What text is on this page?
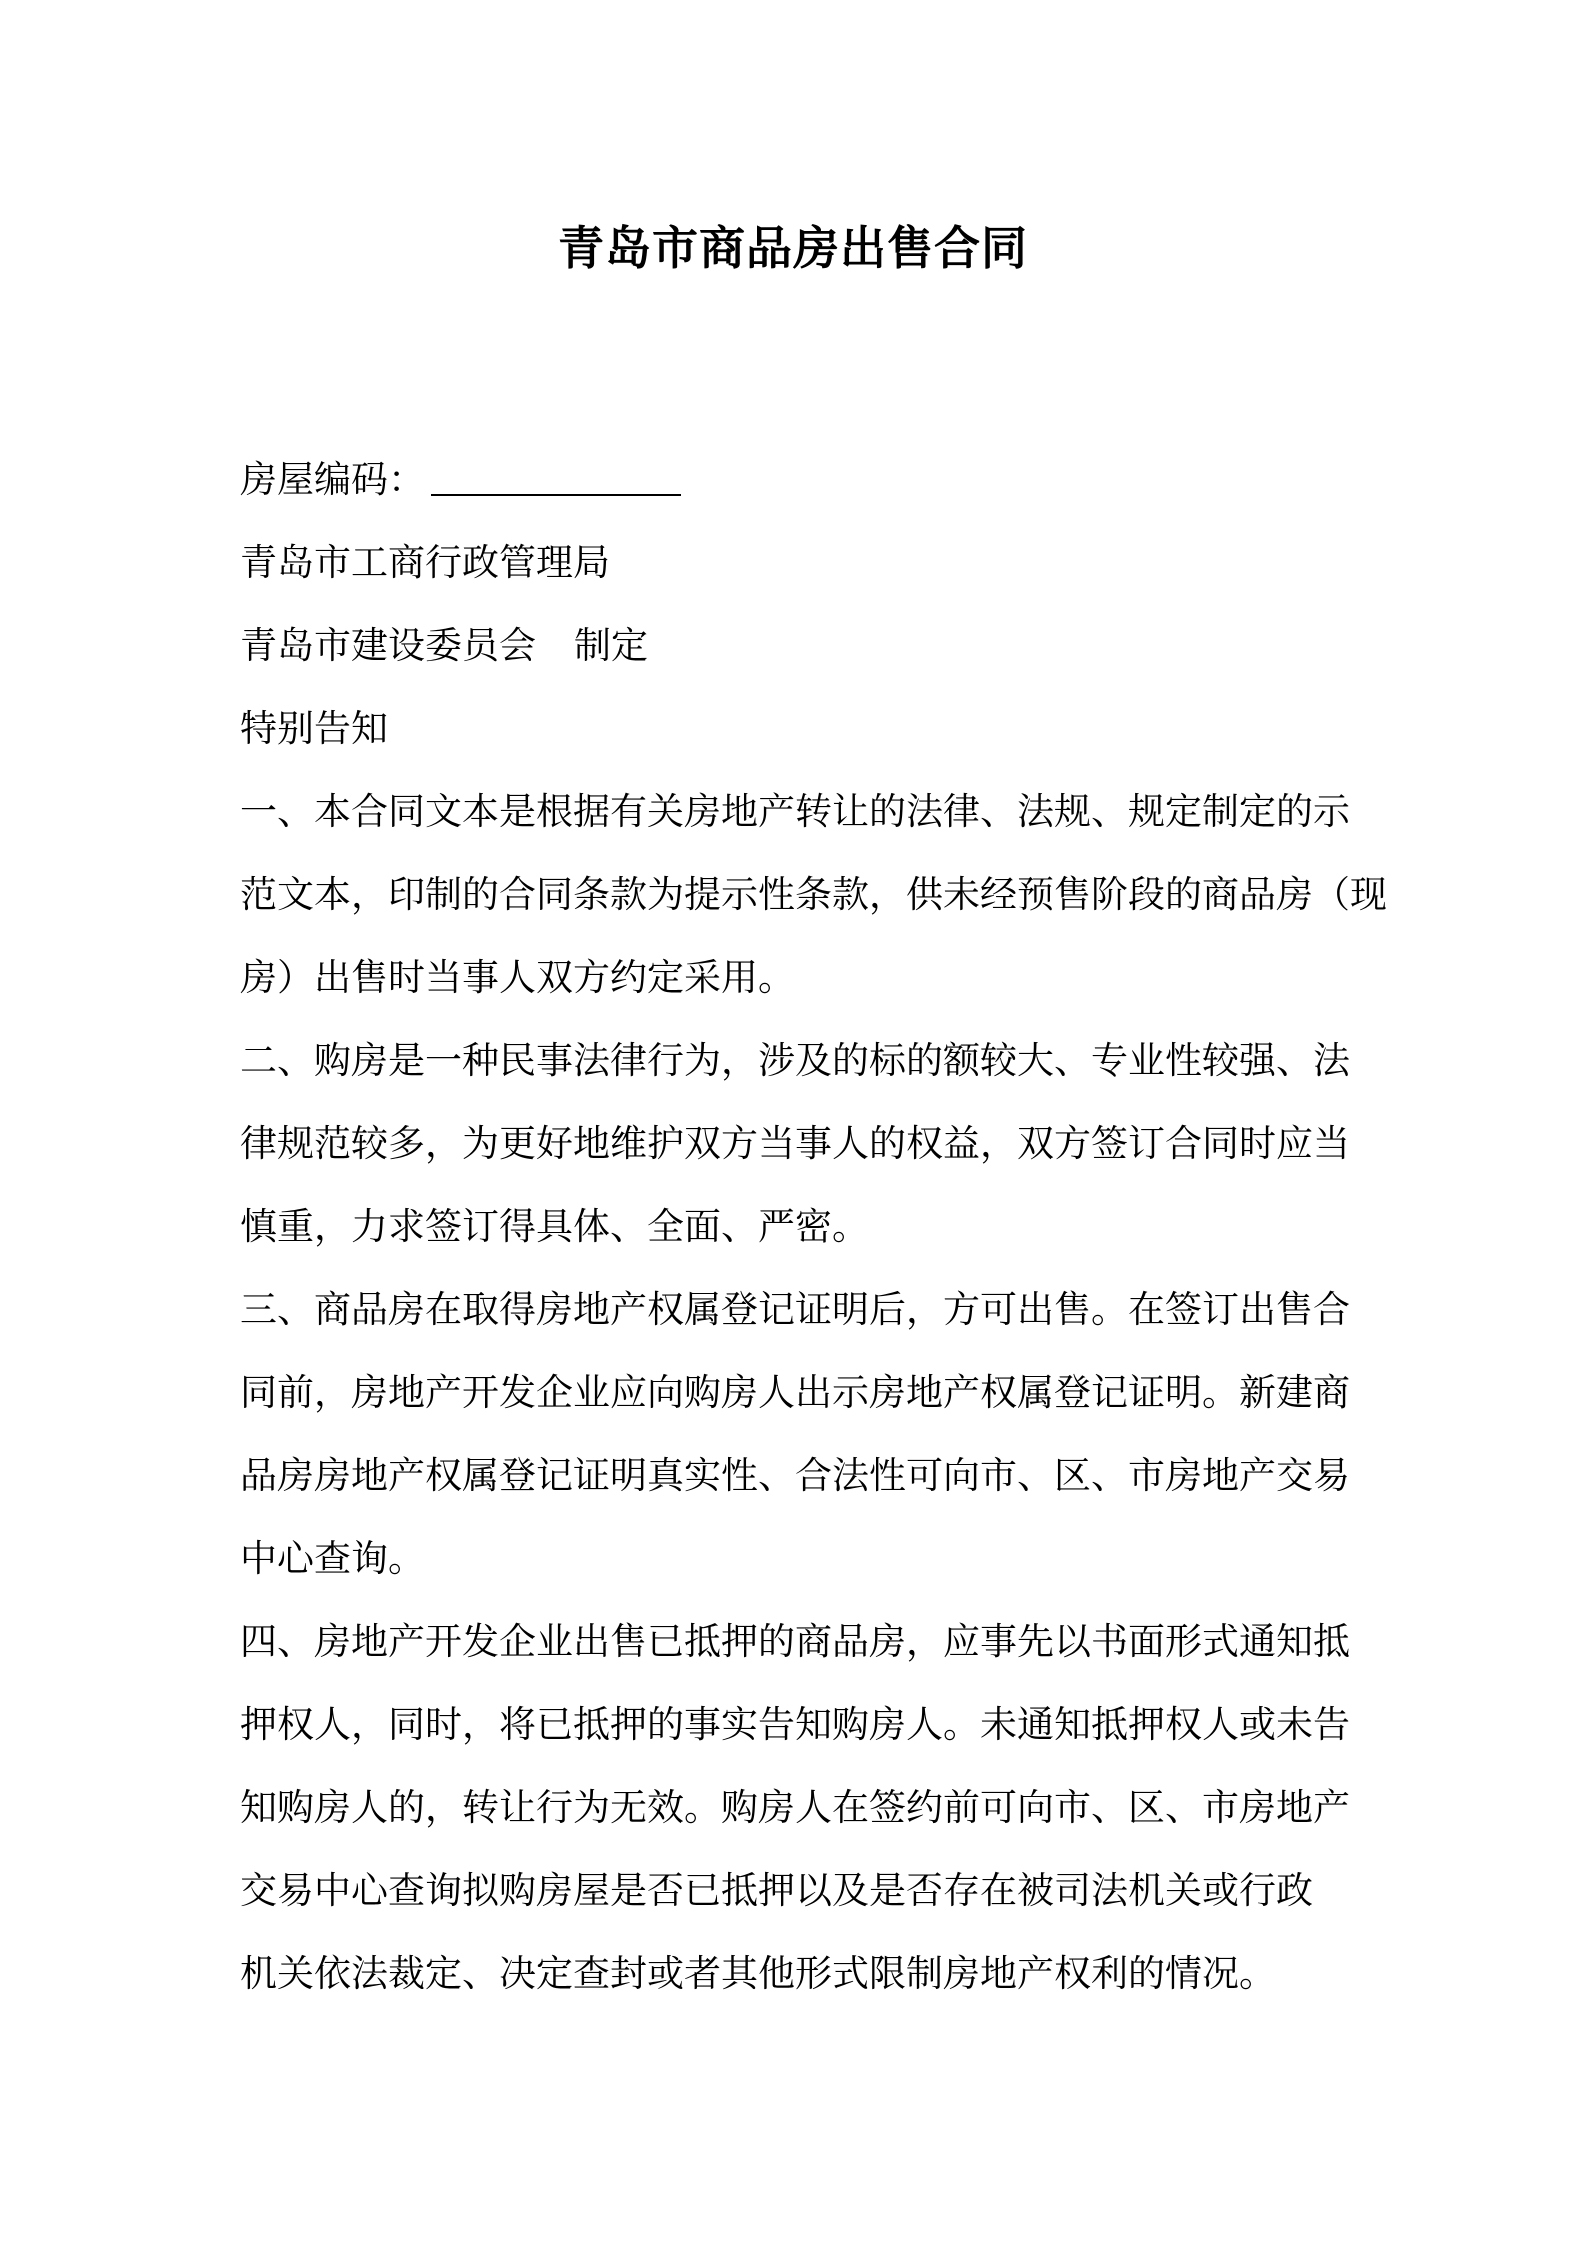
青岛市商品房出售合同
房屋编码：
青岛市工商行政管理局
青岛市建设委员会 制定
特别告知
一、本合同文本是根据有关房地产转让的法律、法规、规定制定的示
范文本，印制的合同条款为提示性条款，供未经预售阶段的商品房（现
房）出售时当事人双方约定采用。
二、购房是一种民事法律行为，涉及的标的额较大、专业性较强、法
律规范较多，为更好地维护双方当事人的权益，双方签订合同时应当
慎重，力求签订得具体、全面、严密。
三、商品房在取得房地产权属登记证明后，方可出售。在签订出售合
同前，房地产开发企业应向购房人出示房地产权属登记证明。新建商
品房房地产权属登记证明真实性、合法性可向市、区、市房地产交易
中心查询。
四、房地产开发企业出售已抵押的商品房，应事先以书面形式通知抵
押权人，同时，将已抵押的事实告知购房人。未通知抵押权人或未告
知购房人的，转让行为无效。购房人在签约前可向市、区、市房地产
交易中心查询拟购房屋是否已抵押以及是否存在被司法机关或行政
机关依法裁定、决定查封或者其他形式限制房地产权利的情况。
